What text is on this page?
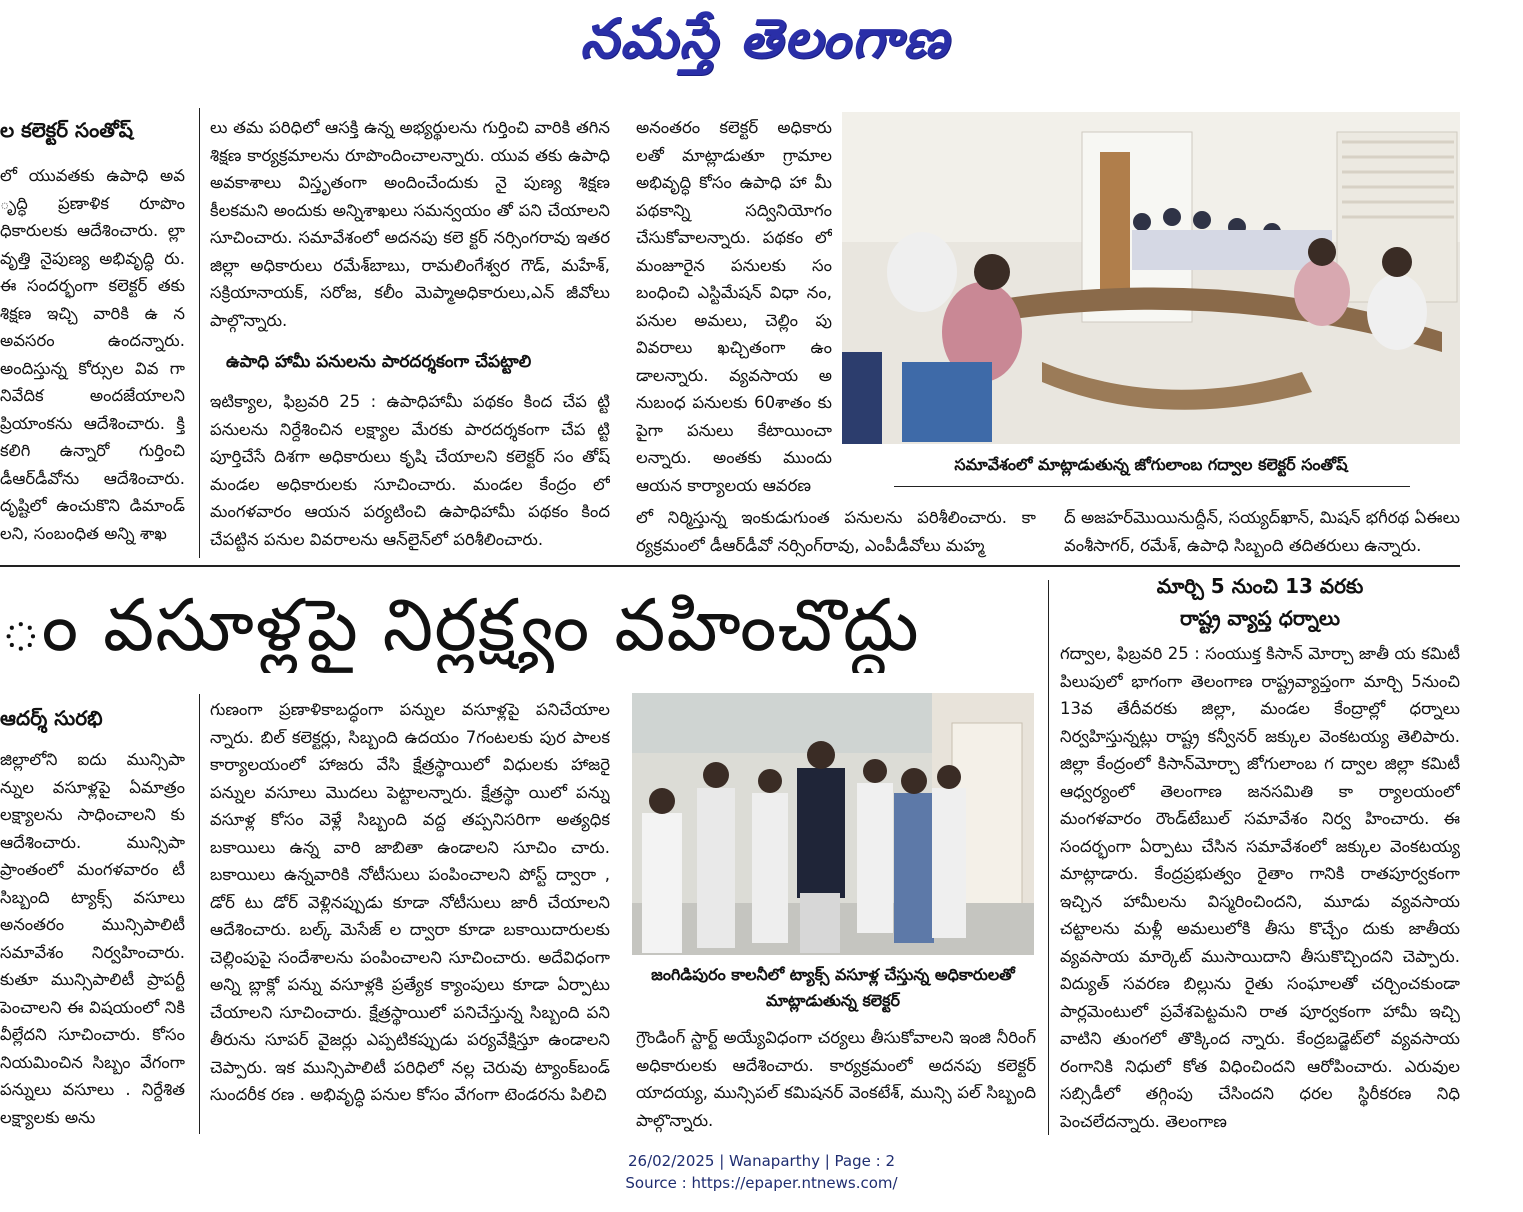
నమస్తే తెలంగాణ
ల కలెక్టర్ సంతోష్
లో యువతకు ఉపాధి అవ ృద్ధి ప్రణాళిక రూపొం ధికారులకు ఆదేశించారు. ల్లా వృత్తి నైపుణ్య అభివృద్ధి రు. ఈ సందర్భంగా కలెక్టర్ తకు శిక్షణ ఇచ్చి వారికి ఉ న అవసరం ఉందన్నారు. అందిస్తున్న కోర్సుల వివ గా నివేదిక అందజేయాలని ప్రియాంకను ఆదేశించారు. క్తి కలిగి ఉన్నారో గుర్తించి డీఆర్‌డీవోను ఆదేశించారు. దృష్టిలో ఉంచుకొని డిమాండ్ లని, సంబంధిత అన్ని శాఖ
లు తమ పరిధిలో ఆసక్తి ఉన్న అభ్యర్థులను గుర్తించి వారికి తగిన శిక్షణ కార్యక్రమాలను రూపొందించాలన్నారు. యువ తకు ఉపాధి అవకాశాలు విస్తృతంగా అందించేందుకు నై పుణ్య శిక్షణ కీలకమని అందుకు అన్నిశాఖలు సమన్వయం తో పని చేయాలని సూచించారు. సమావేశంలో అదనపు కలె క్టర్ నర్సింగరావు ఇతర జిల్లా అధికారులు రమేశ్‌బాబు, రామలింగేశ్వర గౌడ్, మహేశ్, సక్రియానాయక్, సరోజ, కలీం మెప్మాఅధికారులు,ఎన్ జీవోలు పాల్గొన్నారు.
ఉపాధి హామీ పనులను పారదర్శకంగా చేపట్టాలి
ఇటిక్యాల, ఫిబ్రవరి 25 : ఉపాధిహామీ పథకం కింద చేప ట్టి పనులను నిర్దేశించిన లక్ష్యాల మేరకు పారదర్శకంగా చేప ట్టి పూర్తిచేసే దిశగా అధికారులు కృషి చేయాలని కలెక్టర్ సం తోష్ మండల అధికారులకు సూచించారు. మండల కేంద్రం లో మంగళవారం ఆయన పర్యటించి ఉపాధిహామీ పథకం కింద చేపట్టిన పనుల వివరాలను ఆన్‌లైన్‌లో పరిశీలించారు.
అనంతరం కలెక్టర్ అధికారు లతో మాట్లాడుతూ గ్రామాల అభివృద్ధి కోసం ఉపాధి హా మీ పథకాన్ని సద్వినియోగం చేసుకోవాలన్నారు. పథకం లో మంజూరైన పనులకు సం బంధించి ఎస్టిమేషన్ విధా నం, పనుల అమలు, చెల్లిం పు వివరాలు ఖచ్చితంగా ఉం డాలన్నారు. వ్యవసాయ అ నుబంధ పనులకు 60శాతం కు పైగా పనులు కేటాయించా లన్నారు. అంతకు ముందు ఆయన కార్యాలయ ఆవరణ
సమావేశంలో మాట్లాడుతున్న జోగులాంబ గద్వాల కలెక్టర్ సంతోష్
లో నిర్మిస్తున్న ఇంకుడుగుంత పనులను పరిశీలించారు. కా ర్యక్రమంలో డీఆర్‌డీవో నర్సింగ్‌రావు, ఎంపీడీవోలు మహ్మ
ద్ అజహర్‌మొయినుద్దీన్, సయ్యద్‌ఖాన్, మిషన్ భగీరథ ఏఈలు వంశీసాగర్, రమేశ్, ఉపాధి సిబ్బంది తదితరులు ఉన్నారు.
ం వసూళ్లపై నిర్లక్ష్యం వహించొద్దు
ఆదర్శ్ సురభి
జిల్లాలోని ఐదు మున్సిపా న్నుల వసూళ్లపై ఏమాత్రం లక్ష్యాలను సాధించాలని కు ఆదేశించారు. మున్సిపా ప్రాంతంలో మంగళవారం టీ సిబ్బంది ట్యాక్స్ వసూలు అనంతరం మున్సిపాలిటీ సమావేశం నిర్వహించారు. కుతూ మున్సిపాలిటీ ప్రాపర్టీ పెంచాలని ఈ విషయంలో నికి వీల్లేదని సూచించారు. కోసం నియమించిన సిబ్బం వేగంగా పన్నులు వసూలు . నిర్దేశిత లక్ష్యాలకు అను
గుణంగా ప్రణాళికాబద్ధంగా పన్నుల వసూళ్లపై పనిచేయాల న్నారు. బిల్ కలెక్టర్లు, సిబ్బంది ఉదయం 7గంటలకు పుర పాలక కార్యాలయంలో హాజరు వేసి క్షేత్రస్థాయిలో విధులకు హాజరై పన్నుల వసూలు మొదలు పెట్టాలన్నారు. క్షేత్రస్థా యిలో పన్ను వసూళ్ల కోసం వెళ్లే సిబ్బంది వద్ద తప్పనిసరిగా అత్యధిక బకాయిలు ఉన్న వారి జాబితా ఉండాలని సూచిం చారు. బకాయిలు ఉన్నవారికి నోటీసులు పంపించాలని పోస్ట్ ద్వారా , డోర్ టు డోర్ వెళ్లినప్పుడు కూడా నోటీసులు జారీ చేయాలని ఆదేశించారు. బల్క్ మెసేజ్ ల ద్వారా కూడా బకాయిదారులకు చెల్లింపుపై సందేశాలను పంపించాలని సూచించారు. అదేవిధంగా అన్ని బ్లాక్లో పన్ను వసూళ్లకి ప్రత్యేక క్యాంపులు కూడా ఏర్పాటు చేయాలని సూచించారు. క్షేత్రస్థాయిలో పనిచేస్తున్న సిబ్బంది పని తీరును సూపర్ వైజర్లు ఎప్పటికప్పుడు పర్యవేక్షిస్తూ ఉండాలని చెప్పారు. ఇక మున్సిపాలిటీ పరిధిలో నల్ల చెరువు ట్యాంక్‌బండ్ సుందరీక రణ . అభివృద్ధి పనుల కోసం వేగంగా టెండరను పిలిచి
జంగిడిపురం కాలనీలో ట్యాక్స్ వసూళ్ల చేస్తున్న అధికారులతో మాట్లాడుతున్న కలెక్టర్
గ్రౌండింగ్ స్టార్ట్ అయ్యేవిధంగా చర్యలు తీసుకోవాలని ఇంజి నీరింగ్ అధికారులకు ఆదేశించారు. కార్యక్రమంలో అదనపు కలెక్టర్ యాదయ్య, మున్సిపల్ కమిషనర్ వెంకటేశ్, మున్సి పల్ సిబ్బంది పాల్గొన్నారు.
మార్చి 5 నుంచి 13 వరకు
రాష్ట్ర వ్యాప్త ధర్నాలు
గద్వాల, ఫిబ్రవరి 25 : సంయుక్త కిసాన్ మోర్చా జాతీ య కమిటీ పిలుపులో భాగంగా తెలంగాణ రాష్ట్రవ్యాప్తంగా మార్చి 5నుంచి 13వ తేదీవరకు జిల్లా, మండల కేంద్రాల్లో ధర్నాలు నిర్వహిస్తున్నట్లు రాష్ట్ర కన్వీనర్ జక్కుల వెంకటయ్య తెలిపారు. జిల్లా కేంద్రంలో కిసాన్‌మోర్చా జోగులాంబ గ ద్వాల జిల్లా కమిటీ ఆధ్వర్యంలో తెలంగాణ జనసమితి కా ర్యాలయంలో మంగళవారం రౌండ్‌టేబుల్ సమావేశం నిర్వ హించారు. ఈ సందర్భంగా ఏర్పాటు చేసిన సమావేశంలో జక్కుల వెంకటయ్య మాట్లాడారు. కేంద్రప్రభుత్వం రైతాం గానికి రాతపూర్వకంగా ఇచ్చిన హామీలను విస్మరించిందని, మూడు వ్యవసాయ చట్టాలను మళ్లీ అమలులోకి తీసు కొచ్చేం దుకు జాతీయ వ్యవసాయ మార్కెట్ ముసాయిదాని తీసుకొచ్చిందని చెప్పారు. విద్యుత్ సవరణ బిల్లును రైతు సంఘాలతో చర్చించకుండా పార్లమెంటులో ప్రవేశపెట్టమని రాత పూర్వకంగా హామీ ఇచ్చి వాటిని తుంగలో తొక్కింద న్నారు. కేంద్రబడ్జెట్‌లో వ్యవసాయ రంగానికి నిధులో కోత విధించిందని ఆరోపించారు. ఎరువుల సబ్సిడీలో తగ్గింపు చేసిందని ధరల స్థిరీకరణ నిధి పెంచలేదన్నారు. తెలంగాణ
26/02/2025 | Wanaparthy | Page : 2
Source : https://epaper.ntnews.com/
